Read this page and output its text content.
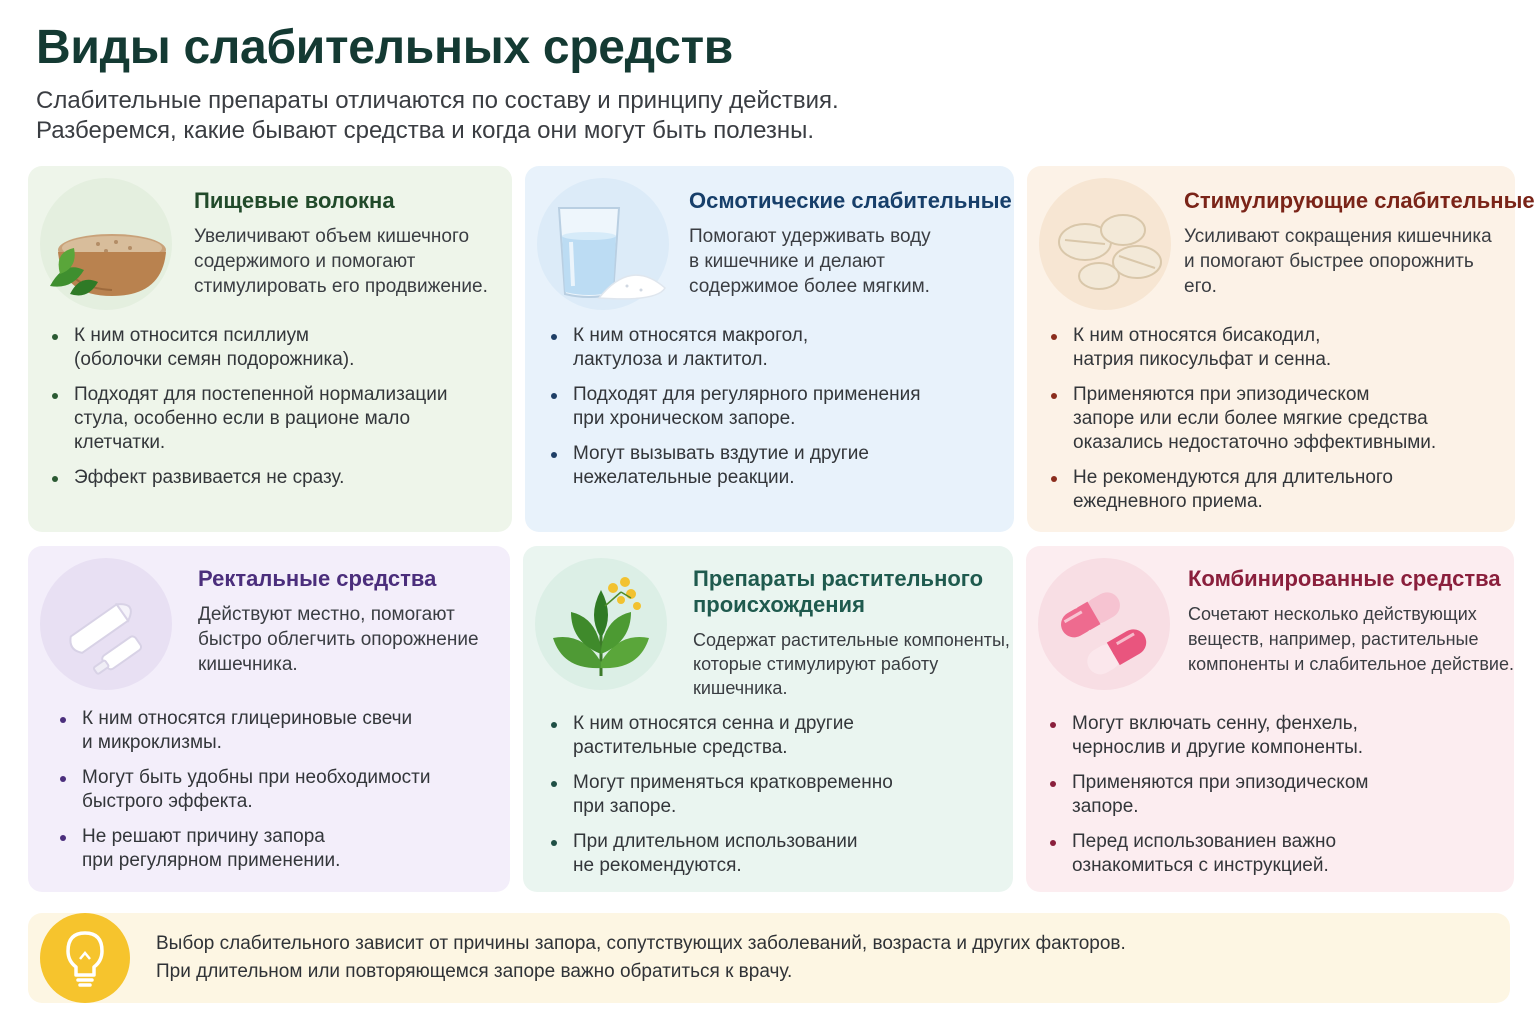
Виды слабительных средств
Слабительные препараты отличаются по составу и принципу действия.
Разберемся, какие бывают средства и когда они могут быть полезны.
Пищевые волокна
Увеличивают объем кишечного
содержимого и помогают
стимулировать его продвижение.
К ним относится псиллиум
(оболочки семян подорожника).
Подходят для постепенной нормализации
стула, особенно если в рационе мало
клетчатки.
Эффект развивается не сразу.
Осмотические слабительные
Помогают удерживать воду
в кишечнике и делают
содержимое более мягким.
К ним относятся макрогол,
лактулоза и лактитол.
Подходят для регулярного применения
при хроническом запоре.
Могут вызывать вздутие и другие
нежелательные реакции.
Стимулирующие слабительные
Усиливают сокращения кишечника
и помогают быстрее опорожнить
его.
К ним относятся бисакодил,
натрия пикосульфат и сенна.
Применяются при эпизодическом
запоре или если более мягкие средства
оказались недостаточно эффективными.
Не рекомендуются для длительного
ежедневного приема.
Ректальные средства
Действуют местно, помогают
быстро облегчить опорожнение
кишечника.
К ним относятся глицериновые свечи
и микроклизмы.
Могут быть удобны при необходимости
быстрого эффекта.
Не решают причину запора
при регулярном применении.
Препараты растительного
происхождения
Содержат растительные компоненты,
которые стимулируют работу
кишечника.
К ним относятся сенна и другие
растительные средства.
Могут применяться кратковременно
при запоре.
При длительном использовании
не рекомендуются.
Комбинированные средства
Сочетают несколько действующих
веществ, например, растительные
компоненты и слабительное действие.
Могут включать сенну, фенхель,
чернослив и другие компоненты.
Применяются при эпизодическом
запоре.
Перед использованиен важно
ознакомиться с инструкцией.
Выбор слабительного зависит от причины запора, сопутствующих заболеваний, возраста и других факторов.
При длительном или повторяющемся запоре важно обратиться к врачу.
